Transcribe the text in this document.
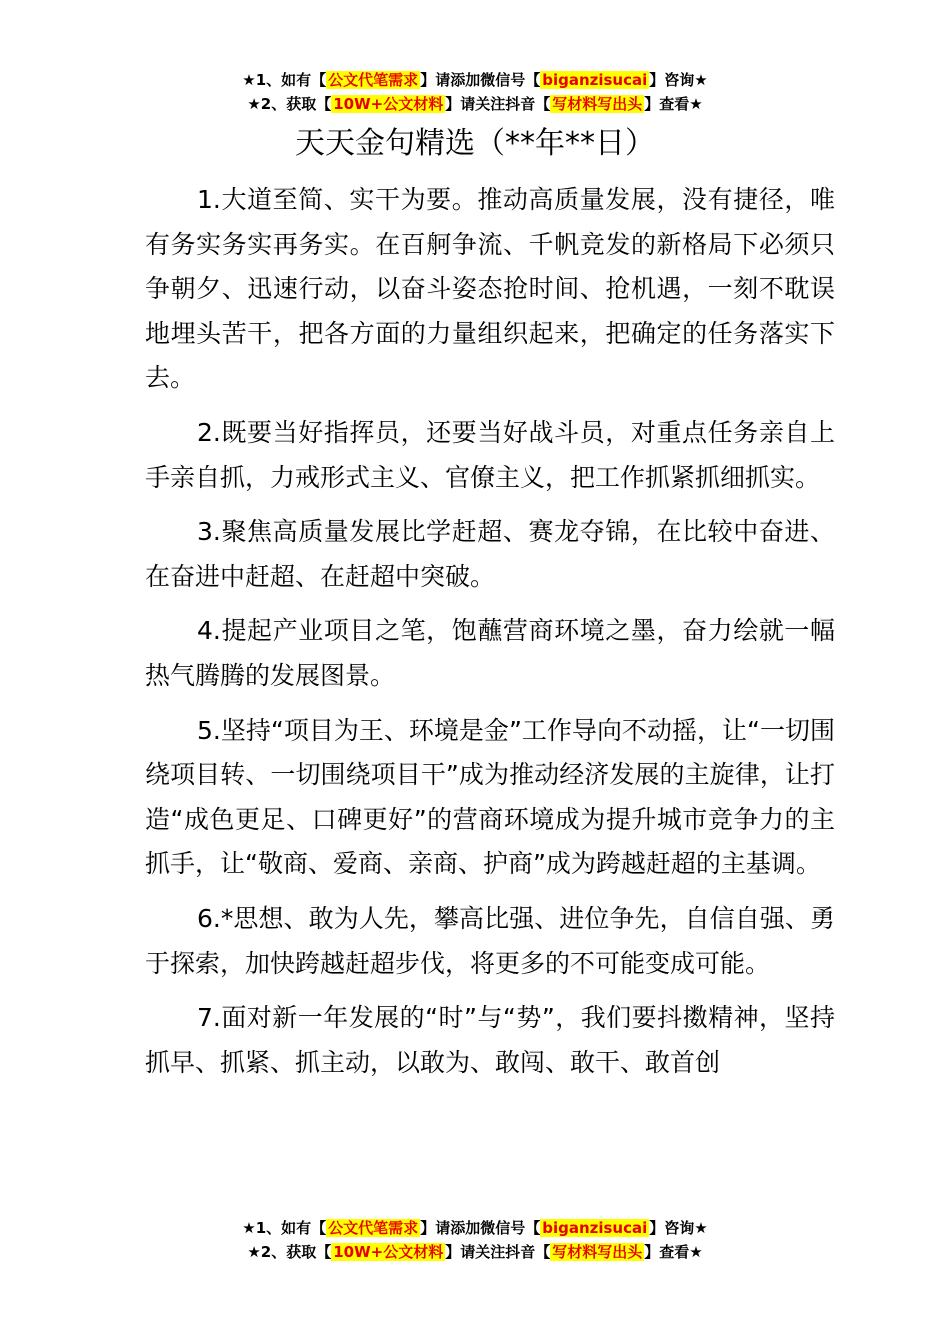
★1、如有【 公文代笔需求 】请添加微信号【 biganzisucai 】咨询★
★2、获取【 10W+公文材料 】请关注抖音【 写材料写出头 】查看★
天天金句精选（**年**日）

1.大道至简、实干为要。推动高质量发展，没有捷径，唯有务实务实再务实。在百舸争流、千帆竞发的新格局下必须只争朝夕、迅速行动，以奋斗姿态抢时间、抢机遇，一刻不耽误地埋头苦干，把各方面的力量组织起来，把确定的任务落实下去。

2.既要当好指挥员，还要当好战斗员，对重点任务亲自上手亲自抓，力戒形式主义、官僚主义，把工作抓紧抓细抓实。

3.聚焦高质量发展比学赶超、赛龙夺锦，在比较中奋进、在奋进中赶超、在赶超中突破。

4.提起产业项目之笔，饱蘸营商环境之墨，奋力绘就一幅热气腾腾的发展图景。

5.坚持“项目为王、环境是金”工作导向不动摇，让“一切围绕项目转、一切围绕项目干”成为推动经济发展的主旋律，让打造“成色更足、口碑更好”的营商环境成为提升城市竞争力的主抓手，让“敬商、爱商、亲商、护商”成为跨越赶超的主基调。

6.*思想、敢为人先，攀高比强、进位争先，自信自强、勇于探索，加快跨越赶超步伐，将更多的不可能变成可能。

7.面对新一年发展的“时”与“势”，我们要抖擞精神，坚持抓早、抓紧、抓主动，以敢为、敢闯、敢干、敢首创

★1、如有【 公文代笔需求 】请添加微信号【 biganzisucai 】咨询★
★2、获取【 10W+公文材料 】请关注抖音【 写材料写出头 】查看★
